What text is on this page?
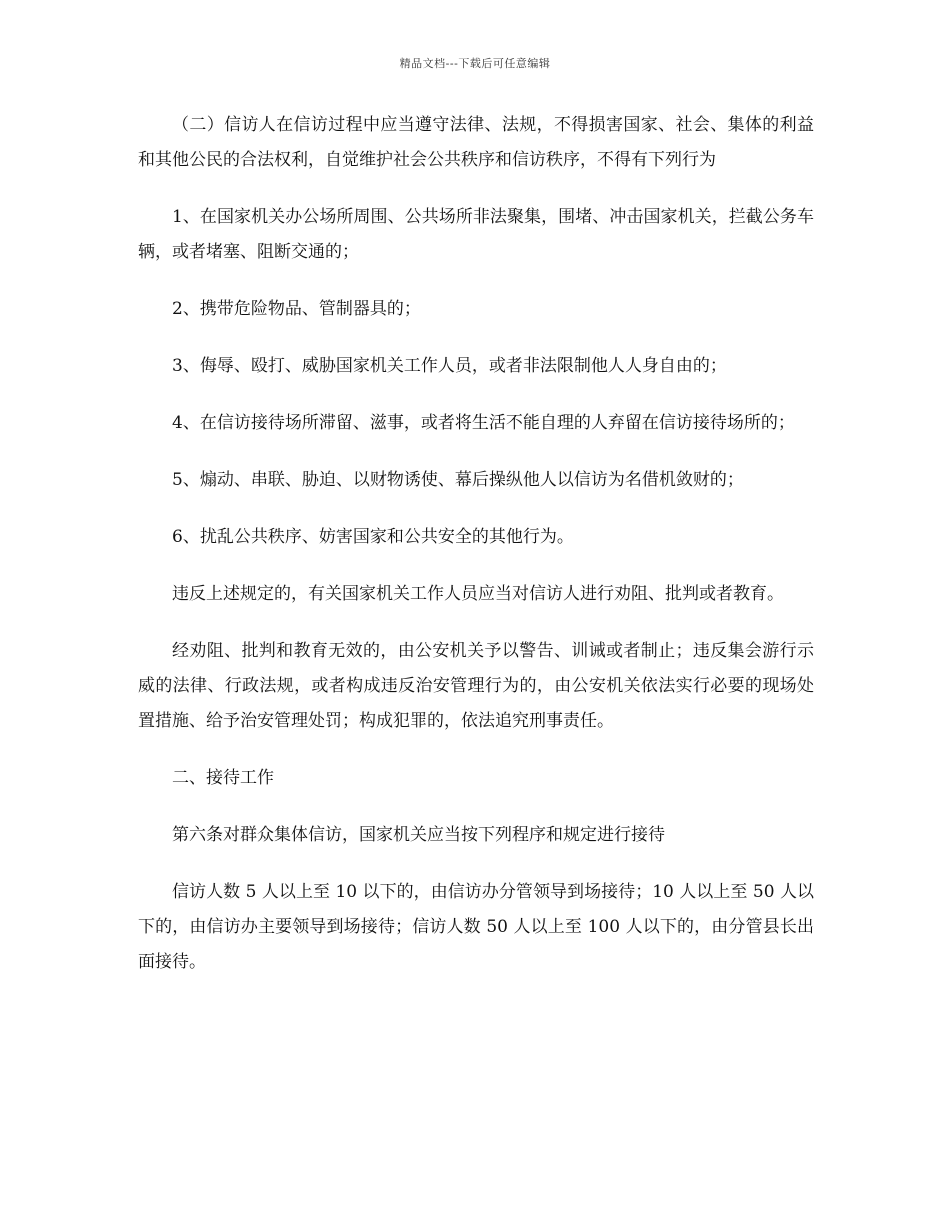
精品文档---下载后可任意编辑

（二）信访人在信访过程中应当遵守法律、法规，不得损害国家、社会、集体的利益和其他公民的合法权利，自觉维护社会公共秩序和信访秩序，不得有下列行为

1、在国家机关办公场所周围、公共场所非法聚集，围堵、冲击国家机关，拦截公务车辆，或者堵塞、阻断交通的；

2、携带危险物品、管制器具的；

3、侮辱、殴打、威胁国家机关工作人员，或者非法限制他人人身自由的；

4、在信访接待场所滞留、滋事，或者将生活不能自理的人弃留在信访接待场所的；

5、煽动、串联、胁迫、以财物诱使、幕后操纵他人以信访为名借机敛财的；

6、扰乱公共秩序、妨害国家和公共安全的其他行为。

违反上述规定的，有关国家机关工作人员应当对信访人进行劝阻、批判或者教育。

经劝阻、批判和教育无效的，由公安机关予以警告、训诫或者制止；违反集会游行示威的法律、行政法规，或者构成违反治安管理行为的，由公安机关依法实行必要的现场处置措施、给予治安管理处罚；构成犯罪的，依法追究刑事责任。

二、接待工作

第六条对群众集体信访，国家机关应当按下列程序和规定进行接待

信访人数 5 人以上至 10 以下的，由信访办分管领导到场接待；10 人以上至 50 人以下的，由信访办主要领导到场接待；信访人数 50 人以上至 100 人以下的，由分管县长出面接待。
